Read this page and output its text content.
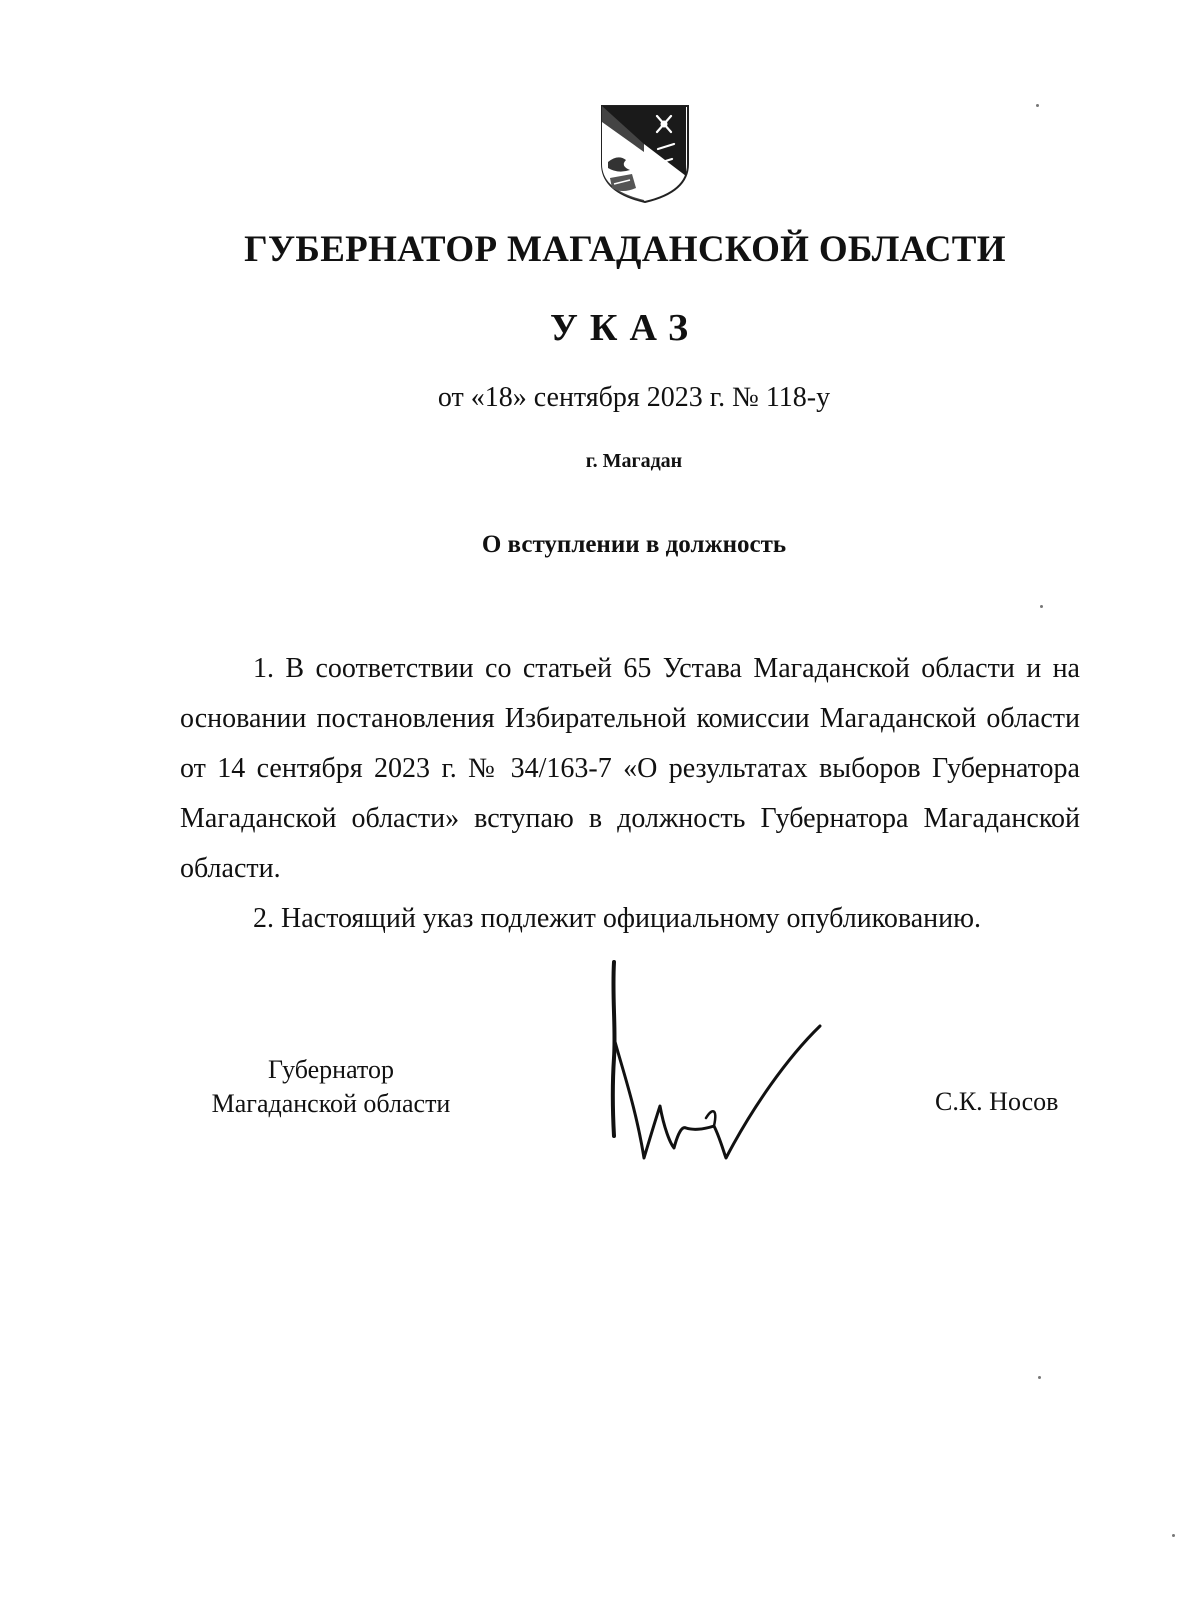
ГУБЕРНАТОР МАГАДАНСКОЙ ОБЛАСТИ
УКАЗ
от «18» сентября 2023 г. № 118-у
г. Магадан
О вступлении в должность

1. В соответствии со статьей 65 Устава Магаданской области и на основании постановления Избирательной комиссии Магаданской области от 14 сентября 2023 г. № 34/163-7 «О результатах выборов Губернатора Магаданской области» вступаю в должность Губернатора Магаданской области.

2. Настоящий указ подлежит официальному опубликованию.

Губернатор
Магаданской области	С.К. Носов
